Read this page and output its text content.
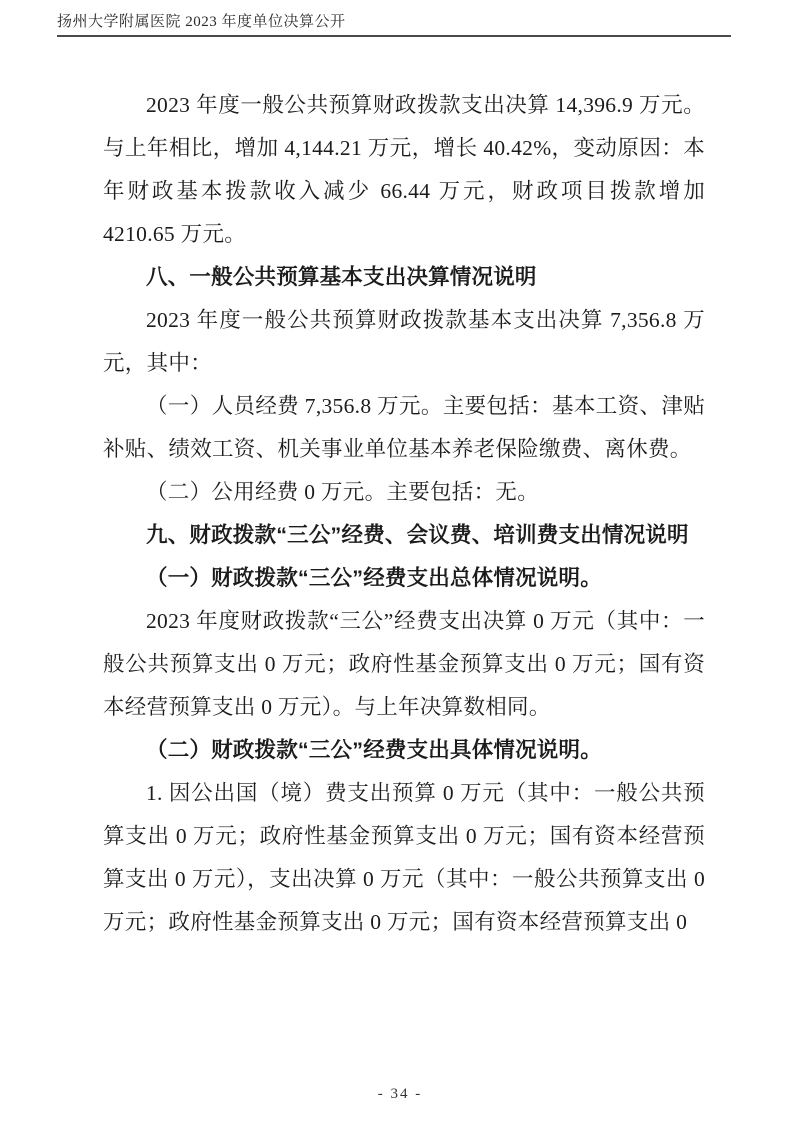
扬州大学附属医院 2023 年度单位决算公开

2023 年度一般公共预算财政拨款支出决算 14,396.9 万元。与上年相比，增加 4,144.21 万元，增长 40.42%，变动原因：本年财政基本拨款收入减少 66.44 万元，财政项目拨款增加 4210.65 万元。

八、一般公共预算基本支出决算情况说明

2023 年度一般公共预算财政拨款基本支出决算 7,356.8 万元，其中：

（一）人员经费 7,356.8 万元。主要包括：基本工资、津贴补贴、绩效工资、机关事业单位基本养老保险缴费、离休费。

（二）公用经费 0 万元。主要包括：无。

九、财政拨款“三公”经费、会议费、培训费支出情况说明

（一）财政拨款“三公”经费支出总体情况说明。

2023 年度财政拨款“三公”经费支出决算 0 万元（其中：一般公共预算支出 0 万元；政府性基金预算支出 0 万元；国有资本经营预算支出 0 万元）。与上年决算数相同。

（二）财政拨款“三公”经费支出具体情况说明。

1. 因公出国（境）费支出预算 0 万元（其中：一般公共预算支出 0 万元；政府性基金预算支出 0 万元；国有资本经营预算支出 0 万元），支出决算 0 万元（其中：一般公共预算支出 0 万元；政府性基金预算支出 0 万元；国有资本经营预算支出 0

- 34 -
